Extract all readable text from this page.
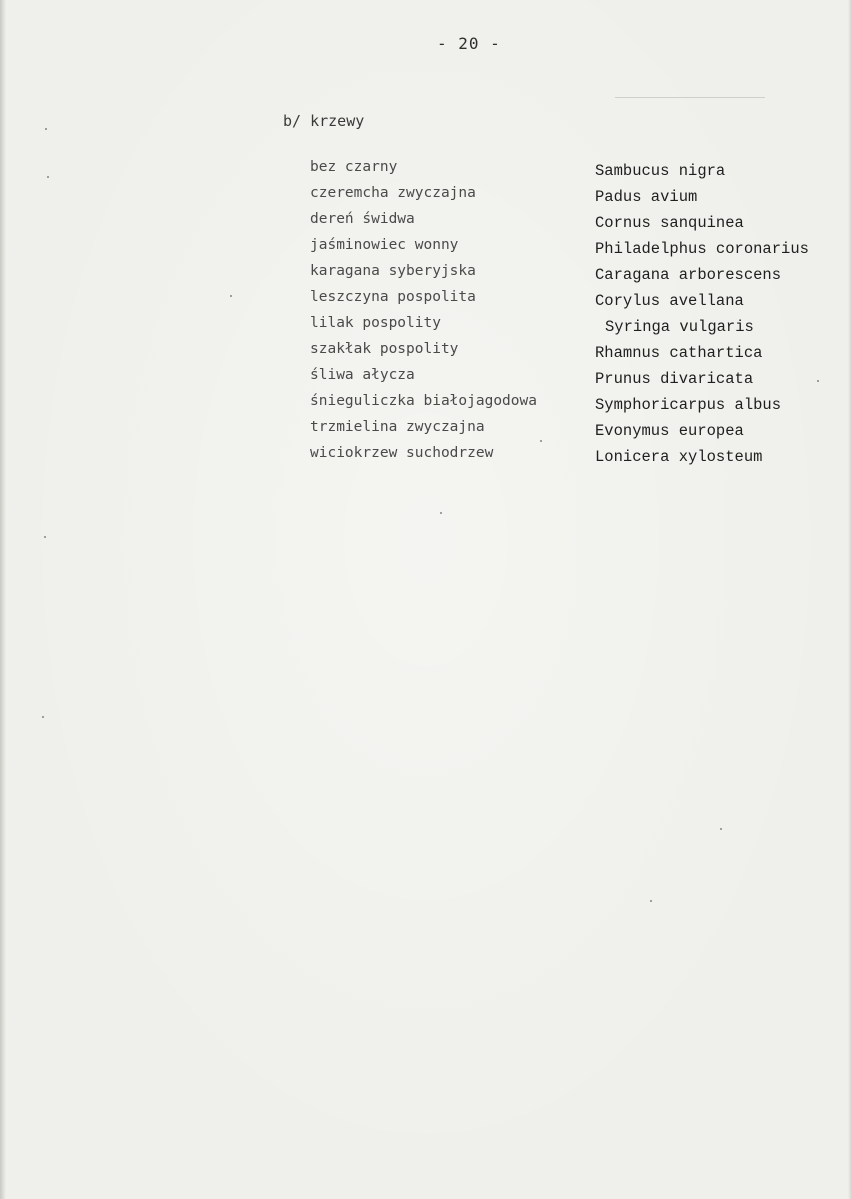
- 20 -
b/ krzewy
bez czarny
czeremcha zwyczajna
dereń świdwa
jaśminowiec wonny
karagana syberyjska
leszczyna pospolita
lilak pospolity
szakłak pospolity
śliwa ałycza
śnieguliczka białojagodowa
trzmielina zwyczajna
wiciokrzew suchodrzew
Sambucus nigra
Padus avium
Cornus sanquinea
Philadelphus coronarius
Caragana arborescens
Corylus avellana
Syringa vulgaris
Rhamnus cathartica
Prunus divaricata
Symphoricarpus albus
Evonymus europea
Lonicera xylosteum
